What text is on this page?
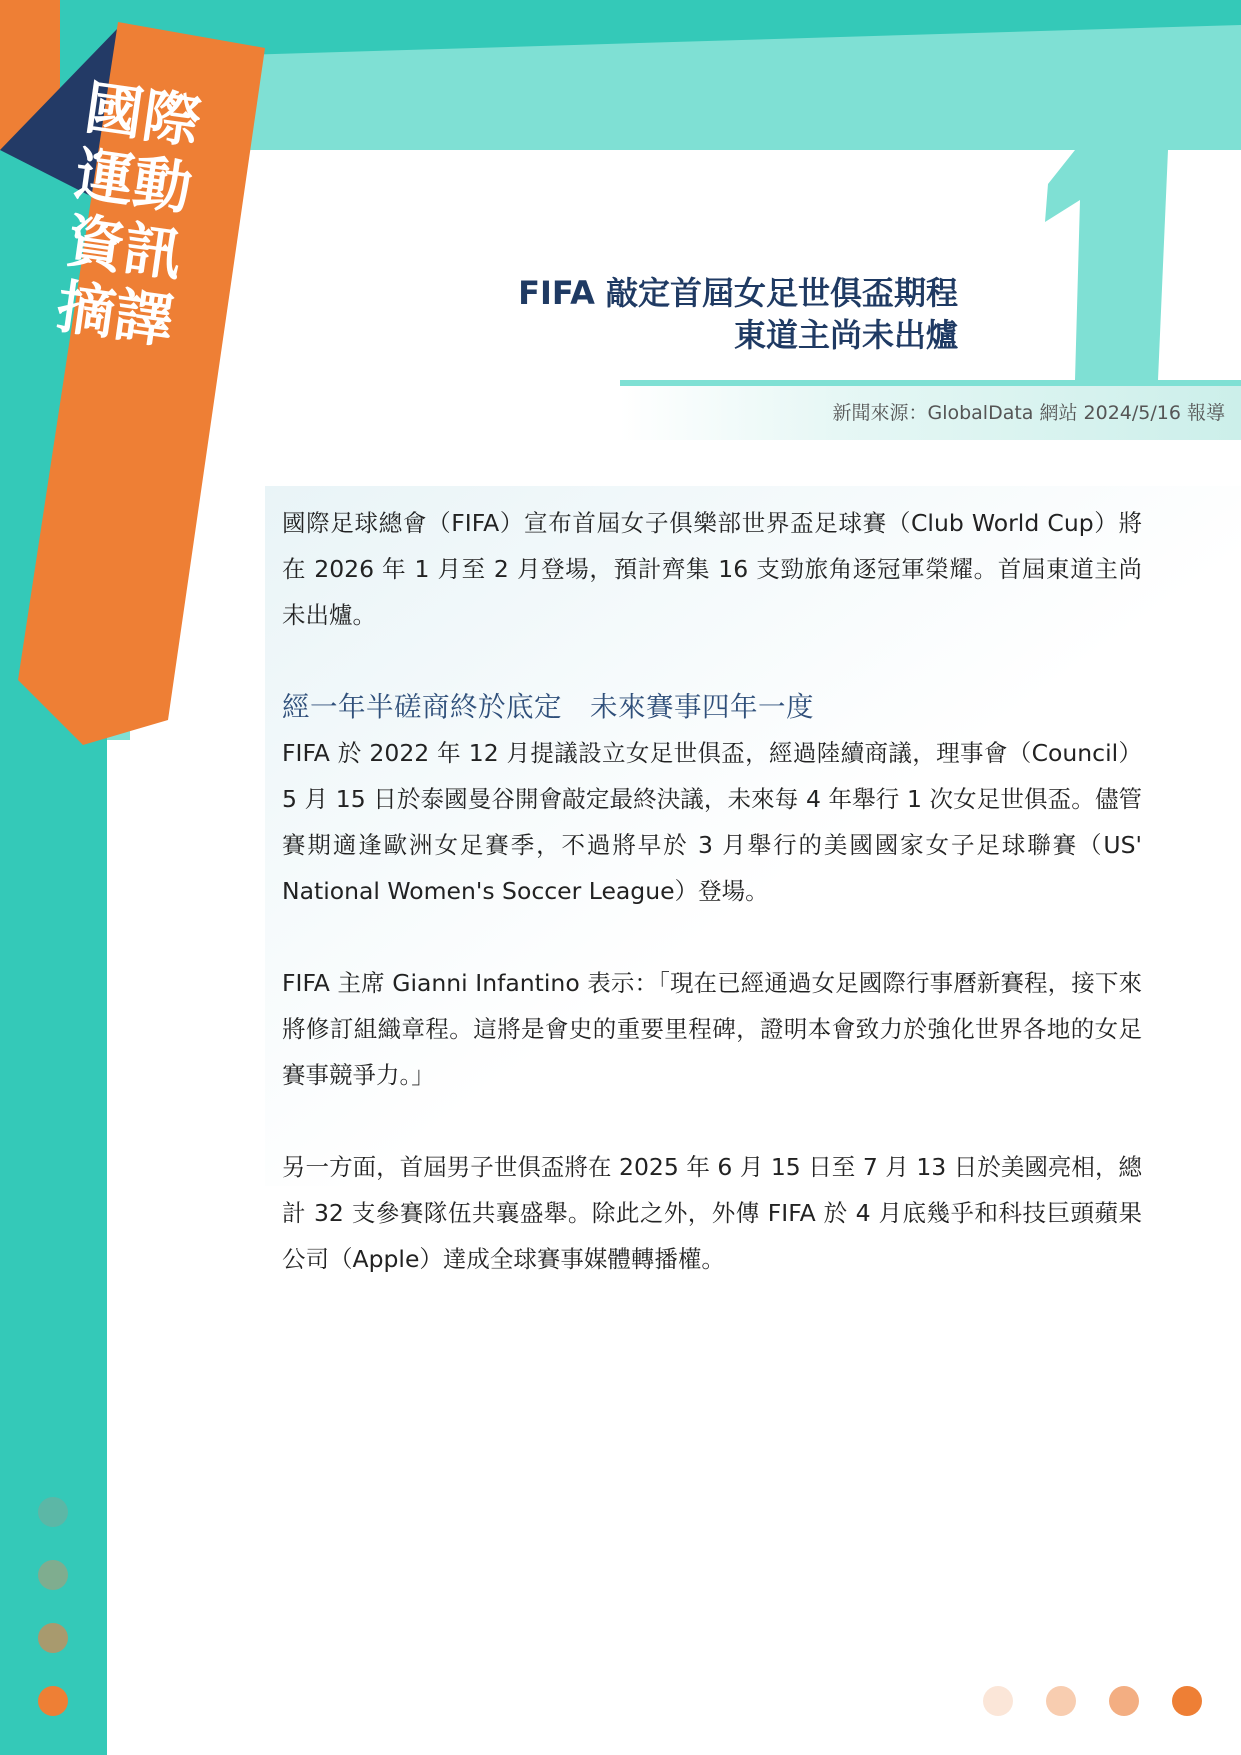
國際運動資訊摘譯	FIFA 敲定首屆女足世俱盃期程
東道主尚未出爐
新聞來源：GlobalData 網站 2024/5/16 報導

國際足球總會（FIFA）宣布首屆女子俱樂部世界盃足球賽（Club World Cup）將在 2026 年 1 月至 2 月登場，預計齊集 16 支勁旅角逐冠軍榮耀。首屆東道主尚未出爐。

經一年半磋商終於底定　未來賽事四年一度

FIFA 於 2022 年 12 月提議設立女足世俱盃，經過陸續商議，理事會（Council）5 月 15 日於泰國曼谷開會敲定最終決議，未來每 4 年舉行 1 次女足世俱盃。儘管賽期適逢歐洲女足賽季，不過將早於 3 月舉行的美國國家女子足球聯賽（US' National Women's Soccer League）登場。

FIFA 主席 Gianni Infantino 表示：「現在已經通過女足國際行事曆新賽程，接下來將修訂組織章程。這將是會史的重要里程碑，證明本會致力於強化世界各地的女足賽事競爭力。」

另一方面，首屆男子世俱盃將在 2025 年 6 月 15 日至 7 月 13 日於美國亮相，總計 32 支參賽隊伍共襄盛舉。除此之外，外傳 FIFA 於 4 月底幾乎和科技巨頭蘋果公司（Apple）達成全球賽事媒體轉播權。
